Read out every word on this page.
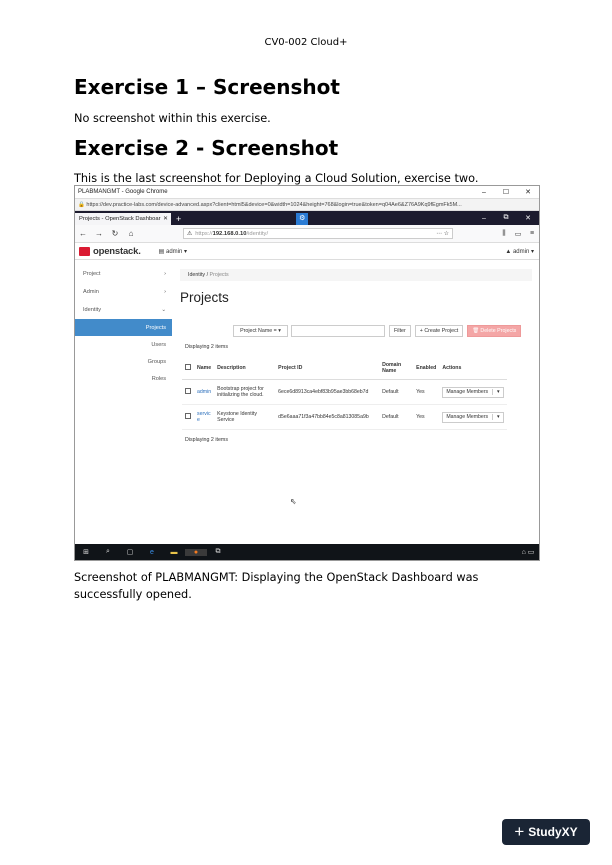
CV0-002 Cloud+
Exercise 1 – Screenshot

No screenshot within this exercise.

Exercise 2 - Screenshot

This is the last screenshot for Deploying a Cloud Solution, exercise two.

PLABMANGMT - Google Chrome	–	☐	✕
🔒 https://dev.practice-labs.com/device-advanced.aspx?client=html5&device=0&width=1024&height=768&login=true&token=q04Ae6&Z76A9Kq9fEgmFk5M...
Projects - OpenStack Dashboar ✕ +	⚙	–	⧉	✕
←	→	↻	⌂	⚠ https://192.168.0.10/identity/	⋯ ☆	⫼	▭	≡
openstack.	▤ admin ▾	▲ admin ▾
Project	›
Admin	›
Identity	⌄
Projects
Users
Groups
Roles
Identity
/
Projects
Projects
Project Name = ▾	Filter	+ Create Project	🗑 Delete Projects
Displaying 2 items
	Name	Description	Project ID	Domain Name	Enabled	Actions
	admin	Bootstrap project for initializing the cloud.	6ece6d8913ca4ebf83b95ae3bb68eb7d	Default	Yes	Manage Members ▾

	service	Keystone Identity Service	d5e6aaa71f3a47bb84e5c8a813085a9b	Default	Yes	Manage Members ▾
Displaying 2 items
⇖
⊞	⌕	▢	e	▬	●	⧉	⌂ ▭

Screenshot of PLABMANGMT: Displaying the OpenStack Dashboard was successfully opened.

+ StudyXY
